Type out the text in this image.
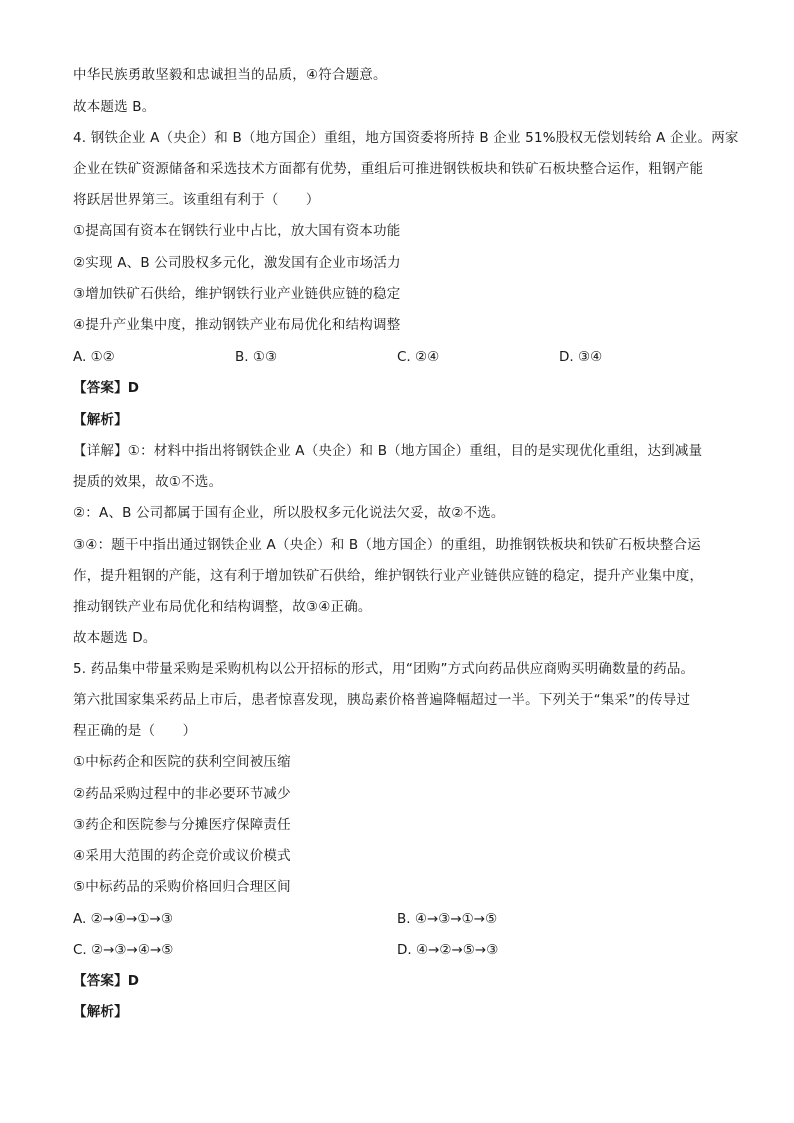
中华民族勇敢坚毅和忠诚担当的品质，④符合题意。
故本题选 B。
4. 钢铁企业 A（央企）和 B（地方国企）重组，地方国资委将所持 B 企业 51%股权无偿划转给 A 企业。两家
企业在铁矿资源储备和采选技术方面都有优势，重组后可推进钢铁板块和铁矿石板块整合运作，粗钢产能
将跃居世界第三。该重组有利于（　　）
①提高国有资本在钢铁行业中占比，放大国有资本功能
②实现 A、B 公司股权多元化，激发国有企业市场活力
③增加铁矿石供给，维护钢铁行业产业链供应链的稳定
④提升产业集中度，推动钢铁产业布局优化和结构调整
A. ①②	B. ①③	C. ②④	D. ③④
【答案】D
【解析】
【详解】①：材料中指出将钢铁企业 A（央企）和 B（地方国企）重组，目的是实现优化重组，达到减量
提质的效果，故①不选。
②：A、B 公司都属于国有企业，所以股权多元化说法欠妥，故②不选。
③④：题干中指出通过钢铁企业 A（央企）和 B（地方国企）的重组，助推钢铁板块和铁矿石板块整合运
作，提升粗钢的产能，这有利于增加铁矿石供给，维护钢铁行业产业链供应链的稳定，提升产业集中度，
推动钢铁产业布局优化和结构调整，故③④正确。
故本题选 D。
5. 药品集中带量采购是采购机构以公开招标的形式，用“团购”方式向药品供应商购买明确数量的药品。
第六批国家集采药品上市后，患者惊喜发现，胰岛素价格普遍降幅超过一半。下列关于“集采”的传导过
程正确的是（　　）
①中标药企和医院的获利空间被压缩
②药品采购过程中的非必要环节减少
③药企和医院参与分摊医疗保障责任
④采用大范围的药企竞价或议价模式
⑤中标药品的采购价格回归合理区间
A. ②→④→①→③	B. ④→③→①→⑤
C. ②→③→④→⑤	D. ④→②→⑤→③
【答案】D
【解析】
